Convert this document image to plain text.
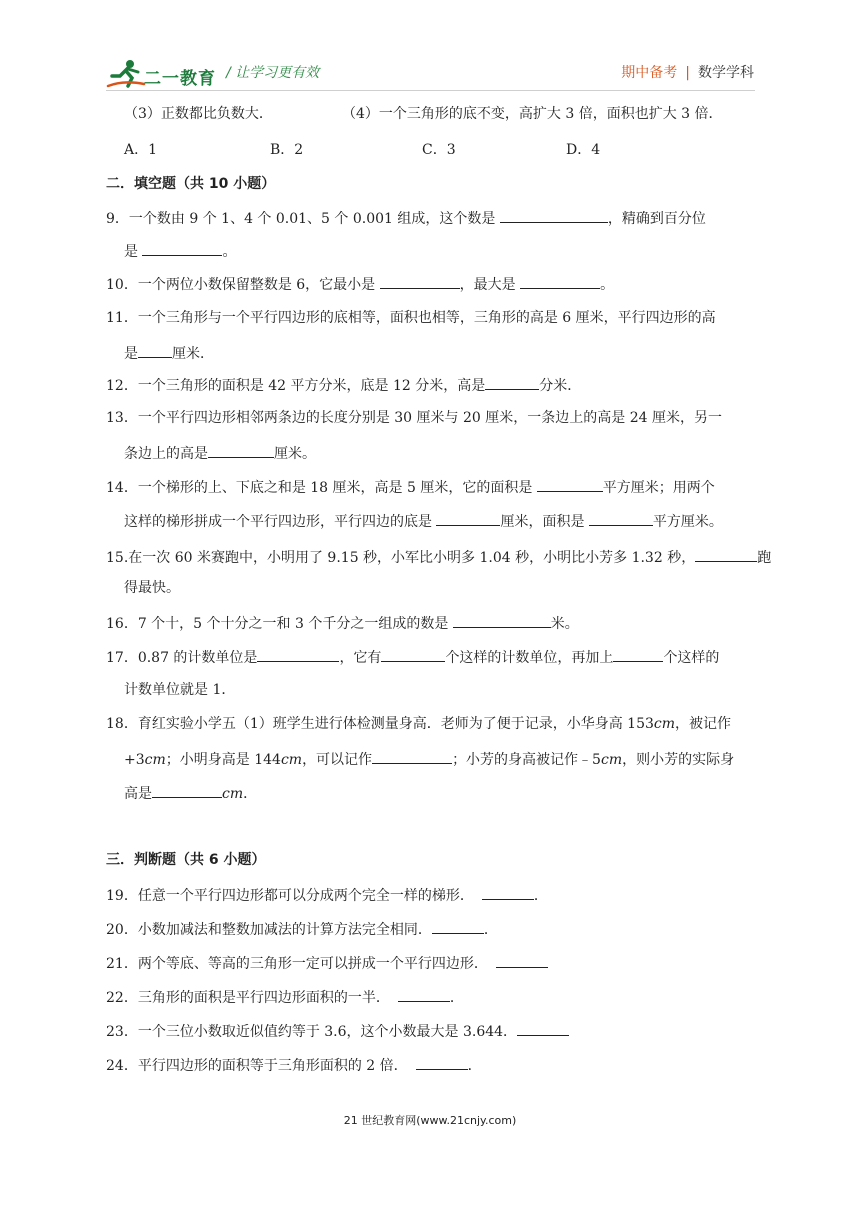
二一教育 / 让学习更有效	期中备考 | 数学学科
（3）正数都比负数大．	（4）一个三角形的底不变，高扩大 3 倍，面积也扩大 3 倍．
A．1	B．2	C．3	D．4
二．填空题（共 10 小题）
9．一个数由 9 个 1、4 个 0.01、5 个 0.001 组成，这个数是	，精确到百分位
是	。
10．一个两位小数保留整数是 6，它最小是	，最大是	。
11．一个三角形与一个平行四边形的底相等，面积也相等，三角形的高是 6 厘米，平行四边形的高
是 厘米．
12．一个三角形的面积是 42 平方分米，底是 12 分米，高是	分米．
13．一个平行四边形相邻两条边的长度分别是 30 厘米与 20 厘米，一条边上的高是 24 厘米，另一
条边上的高是	厘米。
14．一个梯形的上、下底之和是 18 厘米，高是 5 厘米，它的面积是	平方厘米；用两个
这样的梯形拼成一个平行四边形，平行四边的底是	厘米，面积是	平方厘米。
15.在一次 60 米赛跑中，小明用了 9.15 秒，小军比小明多 1.04 秒，小明比小芳多 1.32 秒，	跑
得最快。
16．7 个十，5 个十分之一和 3 个千分之一组成的数是	米。
17．0.87 的计数单位是	，它有	个这样的计数单位，再加上	个这样的
计数单位就是 1．
18．育红实验小学五（1）班学生进行体检测量身高．老师为了便于记录，小华身高 153cm，被记作
+3cm；小明身高是 144cm，可以记作	；小芳的身高被记作﹣5cm，则小芳的实际身
高是	cm．
三．判断题（共 6 小题）
19．任意一个平行四边形都可以分成两个完全一样的梯形．	．
20．小数加减法和整数加减法的计算方法完全相同．	．
21．两个等底、等高的三角形一定可以拼成一个平行四边形．
22．三角形的面积是平行四边形面积的一半．	．
23．一个三位小数取近似值约等于 3.6，这个小数最大是 3.644．
24．平行四边形的面积等于三角形面积的 2 倍．	．
21 世纪教育网(www.21cnjy.com)
